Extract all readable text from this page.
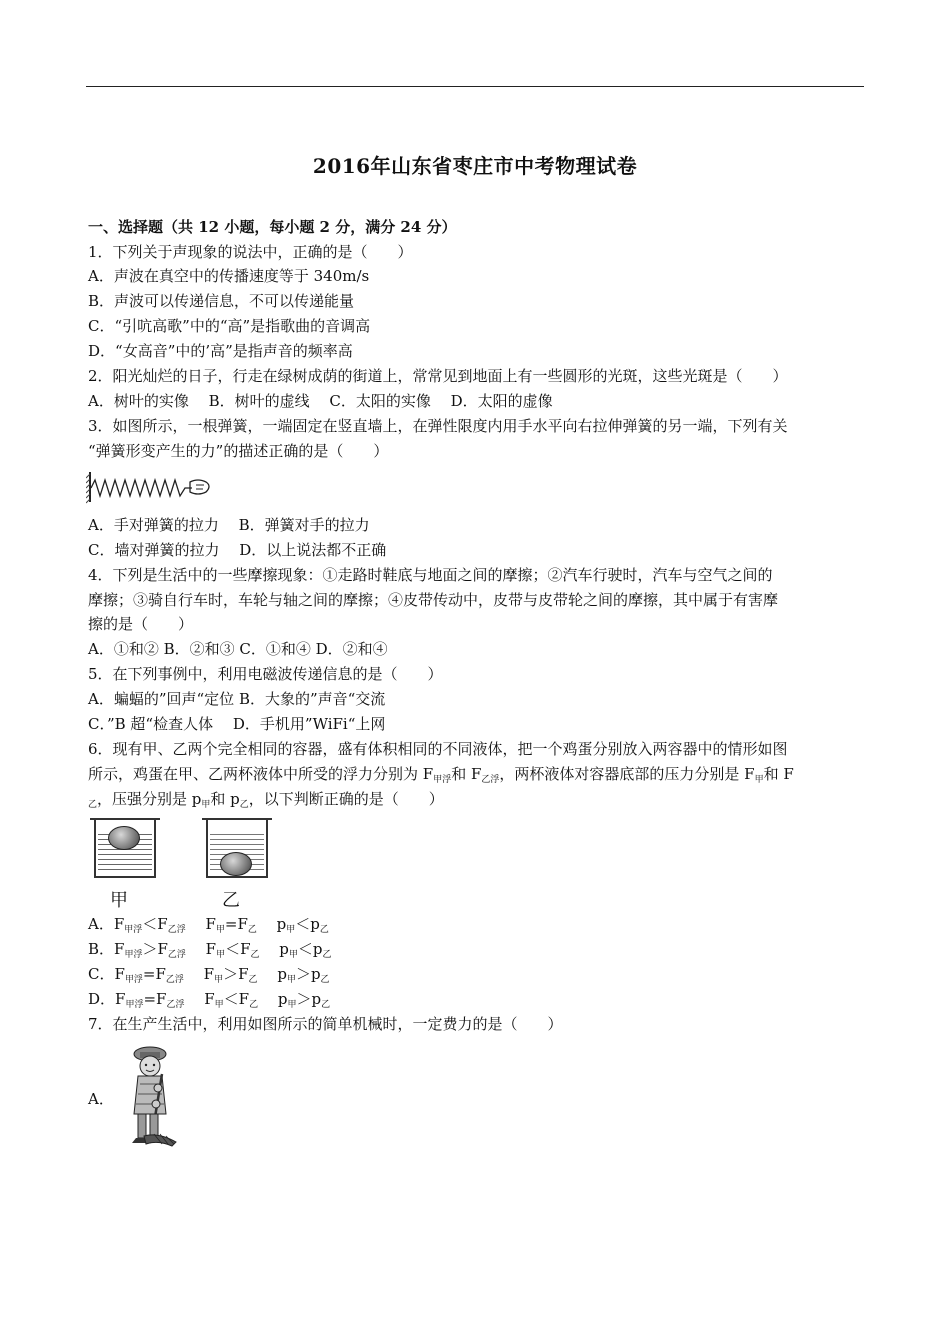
2016年山东省枣庄市中考物理试卷
一、选择题（共 12 小题，每小题 2 分，满分 24 分）
1．下列关于声现象的说法中，正确的是（　　）
A．声波在真空中的传播速度等于 340m/s
B．声波可以传递信息，不可以传递能量
C．“引吭高歌”中的“高”是指歌曲的音调高
D．“女高音”中的’高”是指声音的频率高
2．阳光灿烂的日子，行走在绿树成荫的街道上，常常见到地面上有一些圆形的光斑，这些光斑是（　　）
A．树叶的实像　 B．树叶的虚线　 C．太阳的实像　 D．太阳的虚像
3．如图所示，一根弹簧，一端固定在竖直墙上，在弹性限度内用手水平向右拉伸弹簧的另一端，下列有关
“弹簧形变产生的力”的描述正确的是（　　）
A．手对弹簧的拉力　 B．弹簧对手的拉力
C．墙对弹簧的拉力　 D．以上说法都不正确
4．下列是生活中的一些摩擦现象：①走路时鞋底与地面之间的摩擦；②汽车行驶时，汽车与空气之间的
摩擦；③骑自行车时，车轮与轴之间的摩擦；④皮带传动中，皮带与皮带轮之间的摩擦，其中属于有害摩
擦的是（　　）
A．①和② B．②和③ C．①和④ D．②和④
5．在下列事例中，利用电磁波传递信息的是（　　）
A．蝙蝠的”回声“定位 B．大象的”声音“交流
C．”B 超“检查人体　 D．手机用”WiFi“上网
6．现有甲、乙两个完全相同的容器，盛有体积相同的不同液体，把一个鸡蛋分别放入两容器中的情形如图
所示，鸡蛋在甲、乙两杯液体中所受的浮力分别为 $F_{甲浮}$和 $F_{乙浮}$，两杯液体对容器底部的压力分别是 $F_甲$和 F
$_乙$，压强分别是 $p_甲$和 $p_乙$，以下判断正确的是（　　）
甲	乙
A．$F_{甲浮}<F_{乙浮}$　 $F_甲=F_乙$　 $p_甲<p_乙$
B．$F_{甲浮}>F_{乙浮}$　 $F_甲<F_乙$　 $p_甲<p_乙$
C．$F_{甲浮}=F_{乙浮}$　 $F_甲>F_乙$　 $p_甲>p_乙$
D．$F_{甲浮}=F_{乙浮}$　 $F_甲<F_乙$　 $p_甲>p_乙$
7．在生产生活中，利用如图所示的简单机械时，一定费力的是（　　）
A．
